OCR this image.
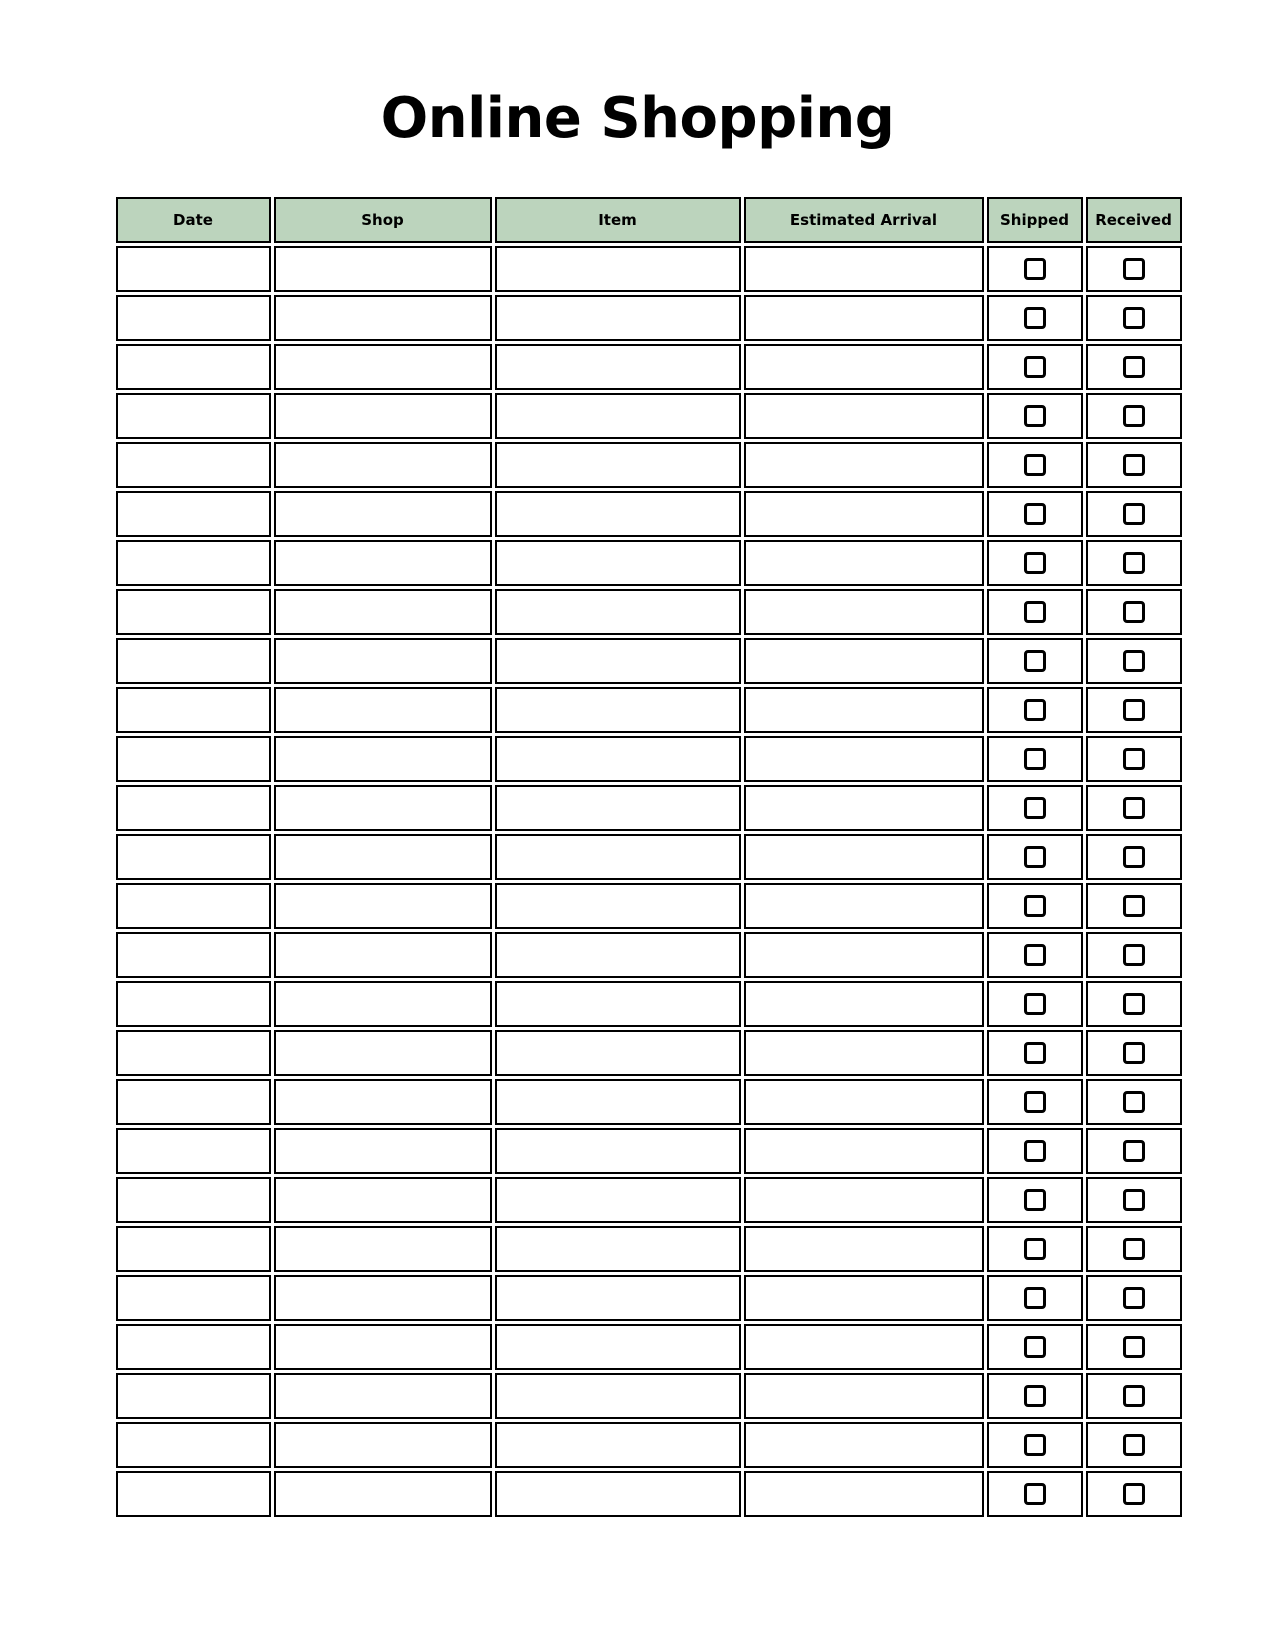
Online Shopping
Date	Shop	Item	Estimated Arrival	Shipped	Received
